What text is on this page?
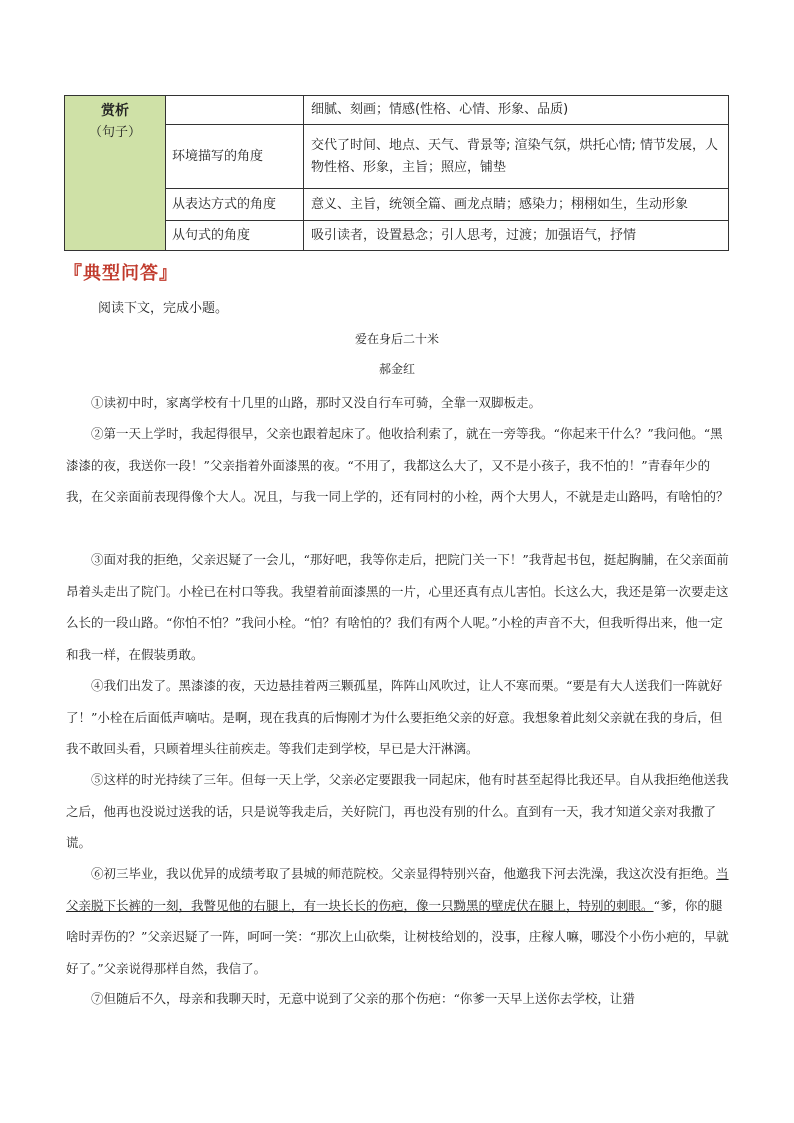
赏析
（句子）		细腻、刻画；情感(性格、心情、形象、品质)
	环境描写的角度	交代了时间、地点、天气、背景等; 渲染气氛，烘托心情; 情节发展，人物性格、形象，主旨；照应，铺垫
	从表达方式的角度	意义、主旨，统领全篇、画龙点睛；感染力；栩栩如生，生动形象
	从句式的角度	吸引读者，设置悬念；引人思考，过渡；加强语气，抒情
『典型问答』
阅读下文，完成小题。
爱在身后二十米
郝金红

①读初中时，家离学校有十几里的山路，那时又没自行车可骑，全靠一双脚板走。

②第一天上学时，我起得很早，父亲也跟着起床了。他收拾利索了，就在一旁等我。“你起来干什么？”我问他。“黑漆漆的夜，我送你一段！”父亲指着外面漆黑的夜。“不用了，我都这么大了，又不是小孩子，我不怕的！”青春年少的我，在父亲面前表现得像个大人。况且，与我一同上学的，还有同村的小栓，两个大男人，不就是走山路吗，有啥怕的？

③面对我的拒绝，父亲迟疑了一会儿，“那好吧，我等你走后，把院门关一下！”我背起书包，挺起胸脯，在父亲面前昂着头走出了院门。小栓已在村口等我。我望着前面漆黑的一片，心里还真有点儿害怕。长这么大，我还是第一次要走这么长的一段山路。“你怕不怕？”我问小栓。“怕？有啥怕的？我们有两个人呢。”小栓的声音不大，但我听得出来，他一定和我一样，在假装勇敢。

④我们出发了。黑漆漆的夜，天边悬挂着两三颗孤星，阵阵山风吹过，让人不寒而栗。“要是有大人送我们一阵就好了！”小栓在后面低声嘀咕。是啊，现在我真的后悔刚才为什么要拒绝父亲的好意。我想象着此刻父亲就在我的身后，但我不敢回头看，只顾着埋头往前疾走。等我们走到学校，早已是大汗淋漓。

⑤这样的时光持续了三年。但每一天上学，父亲必定要跟我一同起床，他有时甚至起得比我还早。自从我拒绝他送我之后，他再也没说过送我的话，只是说等我走后，关好院门，再也没有别的什么。直到有一天，我才知道父亲对我撒了谎。

⑥初三毕业，我以优异的成绩考取了县城的师范院校。父亲显得特别兴奋，他邀我下河去洗澡，我这次没有拒绝。当父亲脱下长裤的一刻，我瞥见他的右腿上，有一块长长的伤疤，像一只黝黑的壁虎伏在腿上，特别的刺眼。“爹，你的腿啥时弄伤的？”父亲迟疑了一阵，呵呵一笑：“那次上山砍柴，让树枝给划的，没事，庄稼人嘛，哪没个小伤小疤的，早就好了。”父亲说得那样自然，我信了。

⑦但随后不久，母亲和我聊天时，无意中说到了父亲的那个伤疤：“你爹一天早上送你去学校，让猎
